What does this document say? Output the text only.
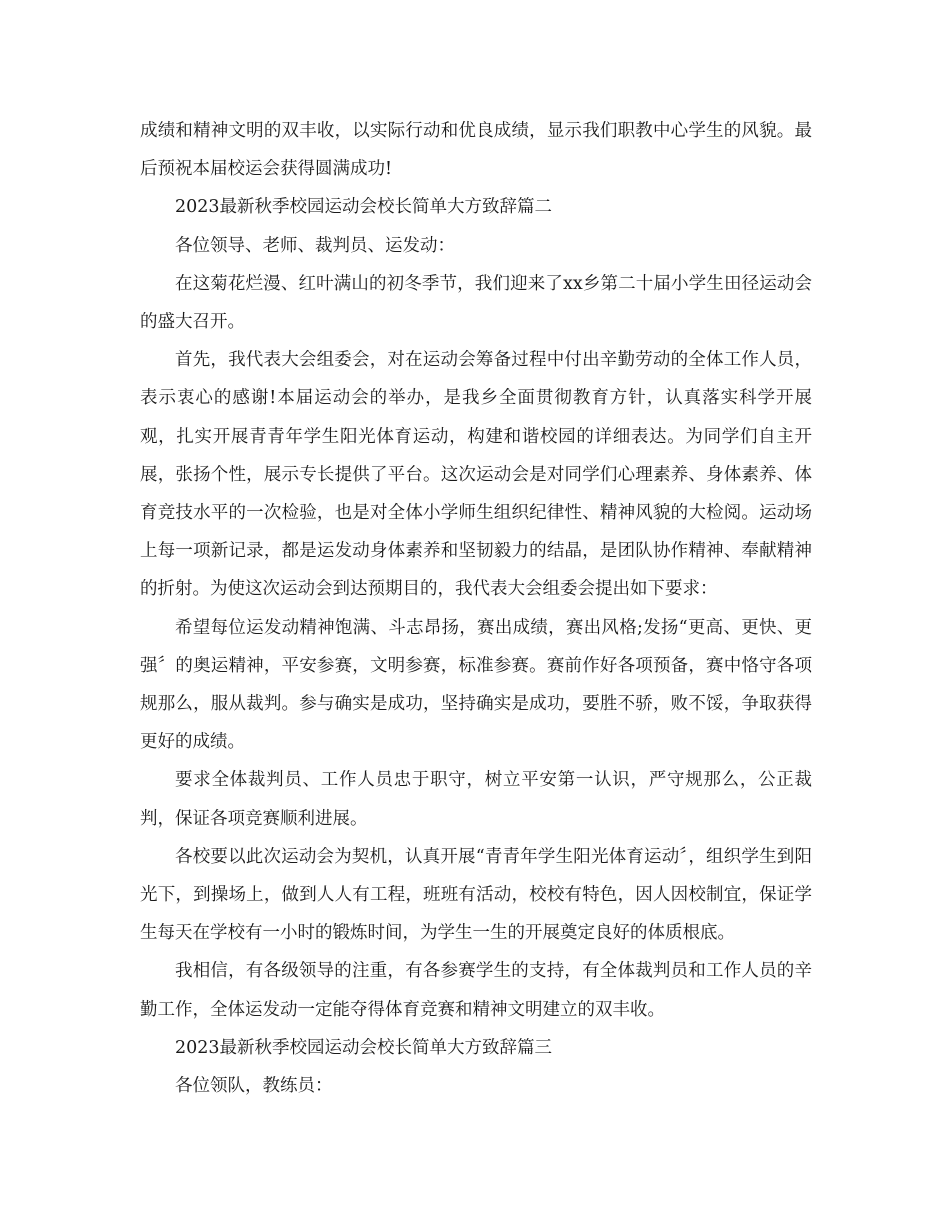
成绩和精神文明的双丰收，以实际行动和优良成绩，显示我们职教中心学生的风貌。最后预祝本届校运会获得圆满成功!

2023最新秋季校园运动会校长简单大方致辞篇二

各位领导、老师、裁判员、运发动：

在这菊花烂漫、红叶满山的初冬季节，我们迎来了xx乡第二十届小学生田径运动会的盛大召开。

首先，我代表大会组委会，对在运动会筹备过程中付出辛勤劳动的全体工作人员，表示衷心的感谢!本届运动会的举办，是我乡全面贯彻教育方针，认真落实科学开展观，扎实开展青青年学生阳光体育运动，构建和谐校园的详细表达。为同学们自主开展，张扬个性，展示专长提供了平台。这次运动会是对同学们心理素养、身体素养、体育竞技水平的一次检验，也是对全体小学师生组织纪律性、精神风貌的大检阅。运动场上每一项新记录，都是运发动身体素养和坚韧毅力的结晶，是团队协作精神、奉献精神的折射。为使这次运动会到达预期目的，我代表大会组委会提出如下要求：

希望每位运发动精神饱满、斗志昂扬，赛出成绩，赛出风格;发扬“更高、更快、更强〞的奥运精神，平安参赛，文明参赛，标准参赛。赛前作好各项预备，赛中恪守各项规那么，服从裁判。参与确实是成功，坚持确实是成功，要胜不骄，败不馁，争取获得更好的成绩。

要求全体裁判员、工作人员忠于职守，树立平安第一认识，严守规那么，公正裁判，保证各项竞赛顺利进展。

各校要以此次运动会为契机，认真开展“青青年学生阳光体育运动〞，组织学生到阳光下，到操场上，做到人人有工程，班班有活动，校校有特色，因人因校制宜，保证学生每天在学校有一小时的锻炼时间，为学生一生的开展奠定良好的体质根底。

我相信，有各级领导的注重，有各参赛学生的支持，有全体裁判员和工作人员的辛勤工作，全体运发动一定能夺得体育竞赛和精神文明建立的双丰收。

2023最新秋季校园运动会校长简单大方致辞篇三

各位领队，教练员：
